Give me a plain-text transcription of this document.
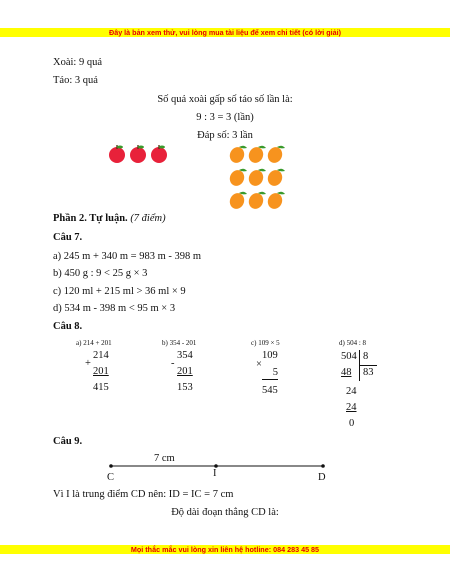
Đây là bản xem thử, vui lòng mua tài liệu để xem chi tiết (có lời giải)
Xoài: 9 quả
Táo: 3 quả
Số quả xoài gấp số táo số lần là:
9 : 3 = 3 (lần)
Đáp số: 3 lần
Phần 2. Tự luận. (7 điểm)
Câu 7.
a) 245 m + 340 m = 983 m - 398 m
b) 450 g : 9 < 25 g × 3
c) 120 ml + 215 ml > 36 ml × 9
d) 534 m - 398 m < 95 m × 3
Câu 8.
a) 214 + 201
+
214
201
415
b) 354 - 201
-
354
201
153
c) 109 × 5
×
109
5
545
d) 504 : 8
504 8
83
48
24
24
0
Câu 9.
7 cm
C	I	D
Vì I là trung điểm CD nên: ID = IC = 7 cm
Độ dài đoạn thẳng CD là:
Mọi thắc mắc vui lòng xin liên hệ hotline: 084 283 45 85
